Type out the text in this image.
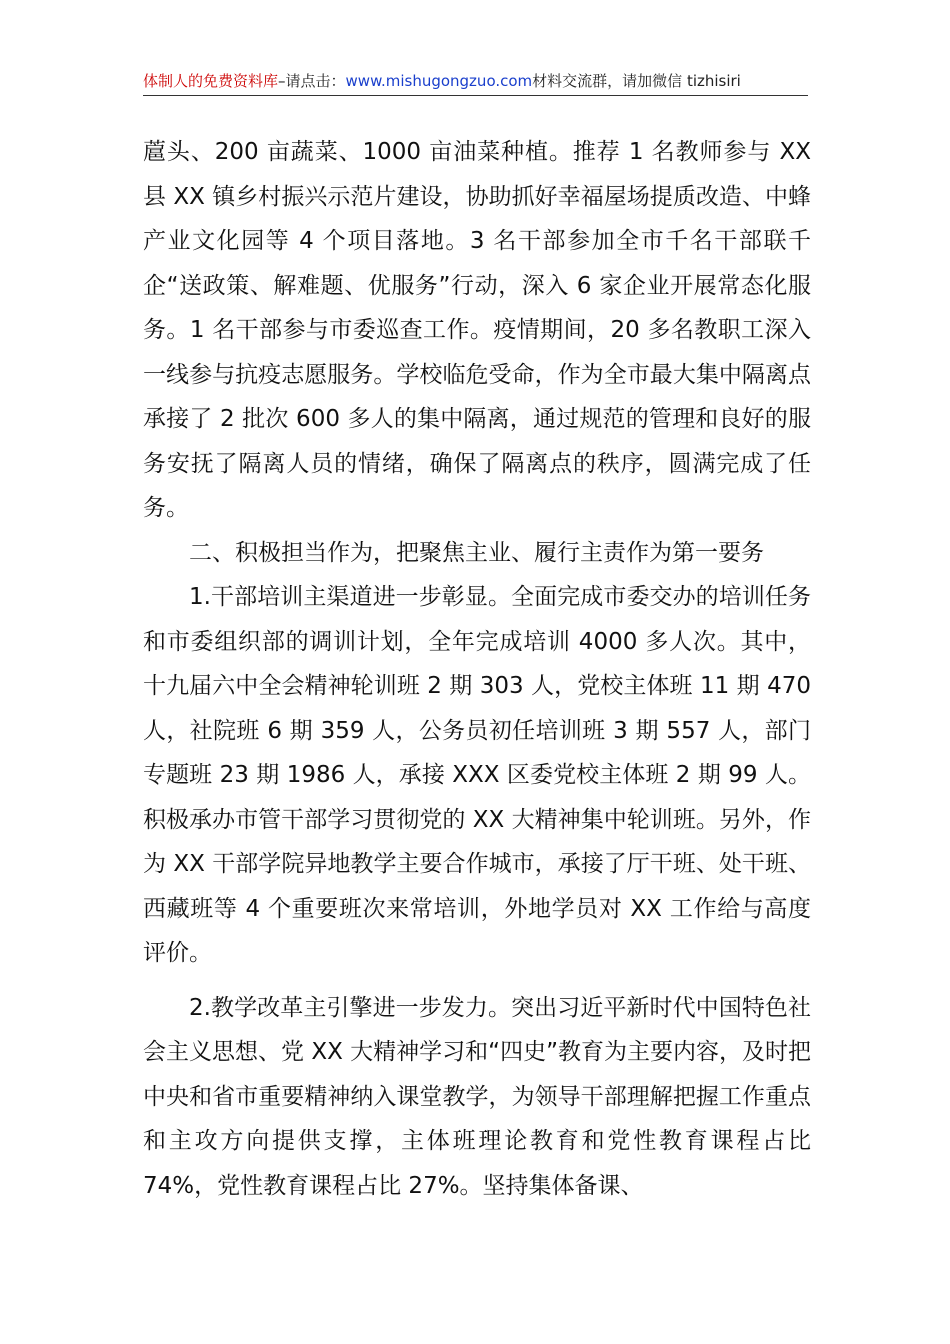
体制人的免费资料库–请点击：www.mishugongzuo.com材料交流群，请加微信 tizhisiri

蔰头、200 亩蔬菜、1000 亩油菜种植。推荐 1 名教师参与 XX 县 XX 镇乡村振兴示范片建设，协助抓好幸福屋场提质改造、中蜂产业文化园等 4 个项目落地。3 名干部参加全市千名干部联千企“送政策、解难题、优服务”行动，深入 6 家企业开展常态化服务。1 名干部参与市委巡查工作。疫情期间，20 多名教职工深入一线参与抗疫志愿服务。学校临危受命，作为全市最大集中隔离点承接了 2 批次 600 多人的集中隔离，通过规范的管理和良好的服务安抚了隔离人员的情绪，确保了隔离点的秩序，圆满完成了任务。

二、积极担当作为，把聚焦主业、履行主责作为第一要务

1.干部培训主渠道进一步彰显。全面完成市委交办的培训任务和市委组织部的调训计划，全年完成培训 4000 多人次。其中，十九届六中全会精神轮训班 2 期 303 人，党校主体班 11 期 470 人，社院班 6 期 359 人，公务员初任培训班 3 期 557 人，部门专题班 23 期 1986 人，承接 XXX 区委党校主体班 2 期 99 人。积极承办市管干部学习贯彻党的 XX 大精神集中轮训班。另外，作为 XX 干部学院异地教学主要合作城市，承接了厅干班、处干班、西藏班等 4 个重要班次来常培训，外地学员对 XX 工作给与高度评价。

2.教学改革主引擎进一步发力。突出习近平新时代中国特色社会主义思想、党 XX 大精神学习和“四史”教育为主要内容，及时把中央和省市重要精神纳入课堂教学，为领导干部理解把握工作重点和主攻方向提供支撑，主体班理论教育和党性教育课程占比 74%，党性教育课程占比 27%。坚持集体备课、
